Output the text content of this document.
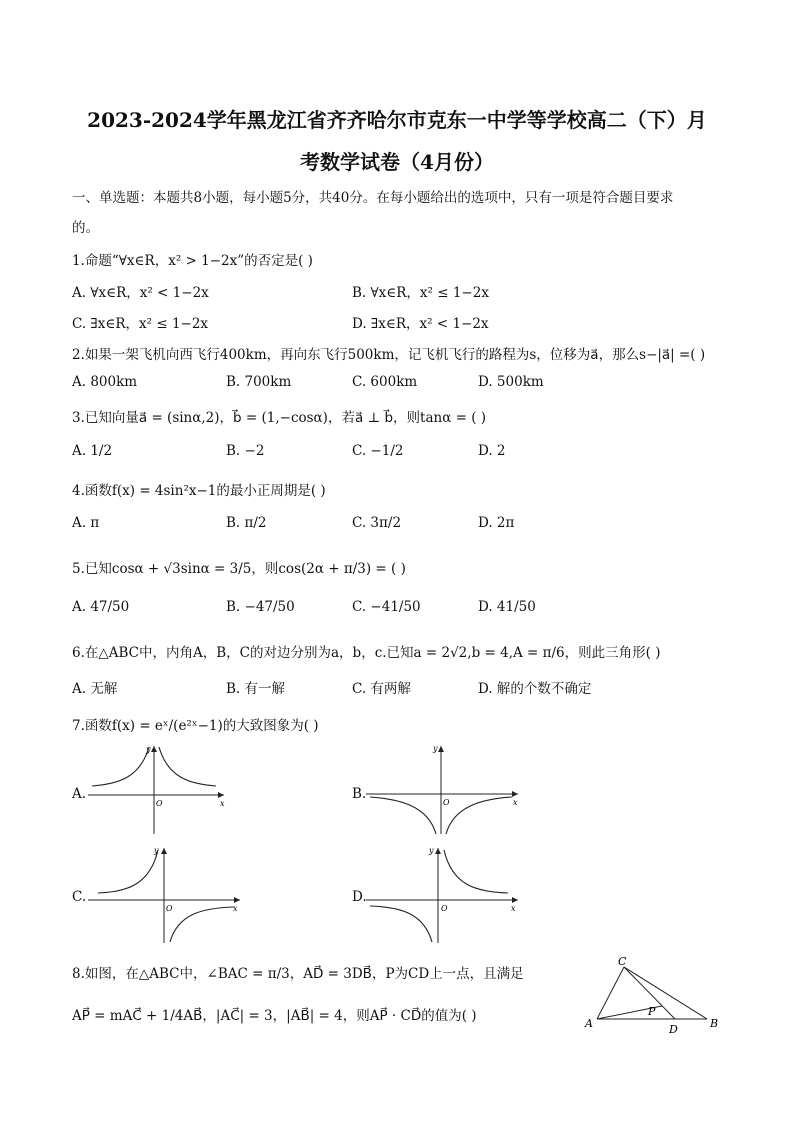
2023-2024学年黑龙江省齐齐哈尔市克东一中学等学校高二（下）月
考数学试卷（4月份）
一、单选题：本题共8小题，每小题5分，共40分。在每小题给出的选项中，只有一项是符合题目要求
的。
1.命题“∀x∈R，x² > 1−2x”的否定是( )
A. ∀x∈R，x² < 1−2x	B. ∀x∈R，x² ≤ 1−2x
C. ∃x∈R，x² ≤ 1−2x	D. ∃x∈R，x² < 1−2x
2.如果一架飞机向西飞行400km，再向东飞行500km，记飞机飞行的路程为s，位移为a⃗，那么s−|a⃗| =( )
A. 800km	B. 700km	C. 600km	D. 500km
3.已知向量a⃗ = (sinα,2)，b⃗ = (1,−cosα)，若a⃗ ⊥ b⃗，则tanα = ( )
A. 1/2	B. −2	C. −1/2	D. 2
4.函数f(x) = 4sin²x−1的最小正周期是( )
A. π	B. π/2	C. 3π/2	D. 2π
5.已知cosα + √3sinα = 3/5，则cos(2α + π/3) = ( )
A. 47/50	B. −47/50	C. −41/50	D. 41/50
6.在△ABC中，内角A，B，C的对边分别为a，b，c.已知a = 2√2,b = 4,A = π/6，则此三角形( )
A. 无解	B. 有一解	C. 有两解	D. 解的个数不确定
7.函数f(x) = eˣ/(e²ˣ−1)的大致图象为( )
A.	B.
C.	D.
y
x
O
y
x
O
y
x
O
y
x
O
8.如图，在△ABC中，∠BAC = π/3，AD⃗ = 3DB⃗，P为CD上一点，且满足
AP⃗ = mAC⃗ + 1/4AB⃗，|AC⃗| = 3，|AB⃗| = 4，则AP⃗ · CD⃗的值为( )
C
A	B
D
P
